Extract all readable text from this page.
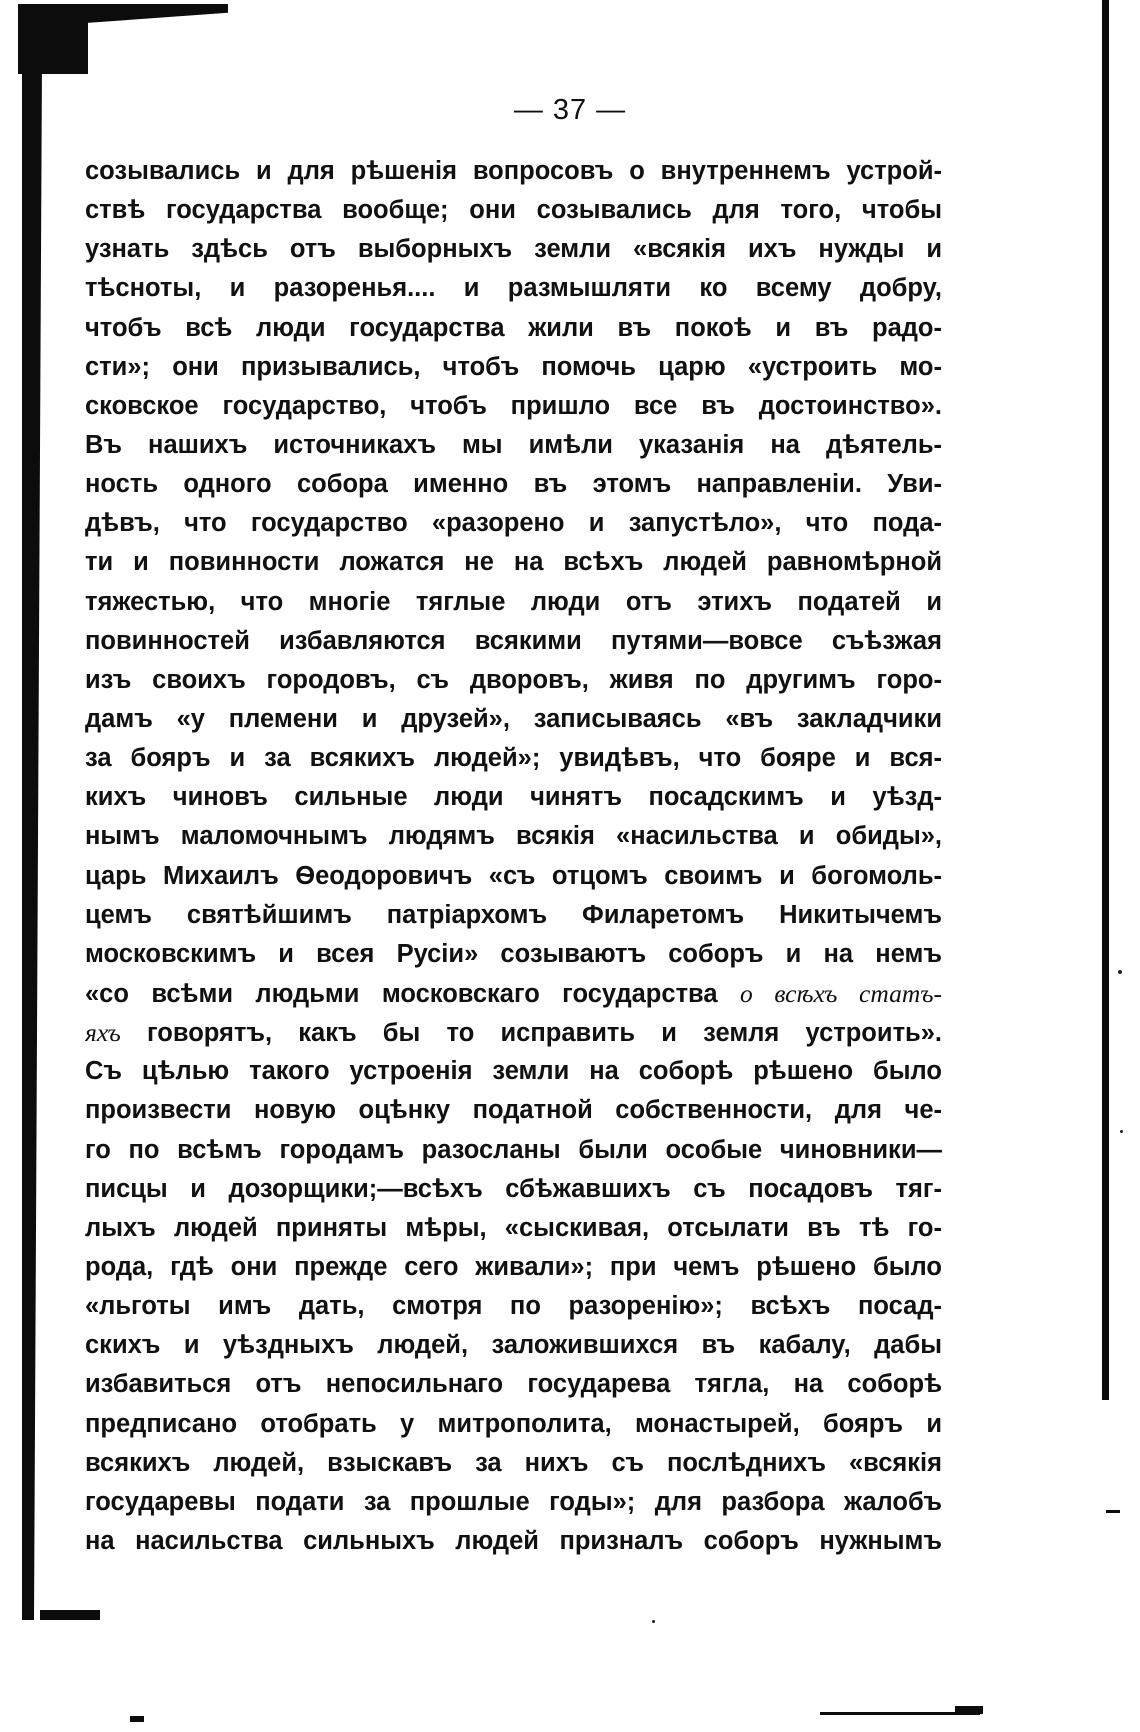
— 37 —
созывались и для рѣшенія вопросовъ о внутреннемъ устрой-
ствѣ государства вообще; они созывались для того, чтобы
узнать здѣсь отъ выборныхъ земли «всякія ихъ нужды и
тѣсноты, и разоренья.... и размышляти ко всему добру,
чтобъ всѣ люди государства жили въ покоѣ и въ радо-
сти»; они призывались, чтобъ помочь царю «устроить мо-
сковское государство, чтобъ пришло все въ достоинство».
Въ нашихъ источникахъ мы имѣли указанія на дѣятель-
ность одного собора именно въ этомъ направленіи. Уви-
дѣвъ, что государство «разорено и запустѣло», что пода-
ти и повинности ложатся не на всѣхъ людей равномѣрной
тяжестью, что многіе тяглые люди отъ этихъ податей и
повинностей избавляются всякими путями—вовсе съѣзжая
изъ своихъ городовъ, съ дворовъ, живя по другимъ горо-
дамъ «у племени и друзей», записываясь «въ закладчики
за бояръ и за всякихъ людей»; увидѣвъ, что бояре и вся-
кихъ чиновъ сильные люди чинятъ посадскимъ и уѣзд-
нымъ маломочнымъ людямъ всякія «насильства и обиды»,
царь Михаилъ Ѳеодоровичъ «съ отцомъ своимъ и богомоль-
цемъ святѣйшимъ патріархомъ Филаретомъ Никитычемъ
московскимъ и всея Русіи» созываютъ соборъ и на немъ
«со всѣми людьми московскаго государства о всѣхъ статъ-
яхъ говорятъ, какъ бы то исправить и земля устроить».
Съ цѣлью такого устроенія земли на соборѣ рѣшено было
произвести новую оцѣнку податной собственности, для че-
го по всѣмъ городамъ разосланы были особые чиновники—
писцы и дозорщики;—всѣхъ сбѣжавшихъ съ посадовъ тяг-
лыхъ людей приняты мѣры, «сыскивая, отсылати въ тѣ го-
рода, гдѣ они прежде сего живали»; при чемъ рѣшено было
«льготы имъ дать, смотря по разоренію»; всѣхъ посад-
скихъ и уѣздныхъ людей, заложившихся въ кабалу, дабы
избавиться отъ непосильнаго государева тягла, на соборѣ
предписано отобрать у митрополита, монастырей, бояръ и
всякихъ людей, взыскавъ за нихъ съ послѣднихъ «всякія
государевы подати за прошлые годы»; для разбора жалобъ
на насильства сильныхъ людей призналъ соборъ нужнымъ
